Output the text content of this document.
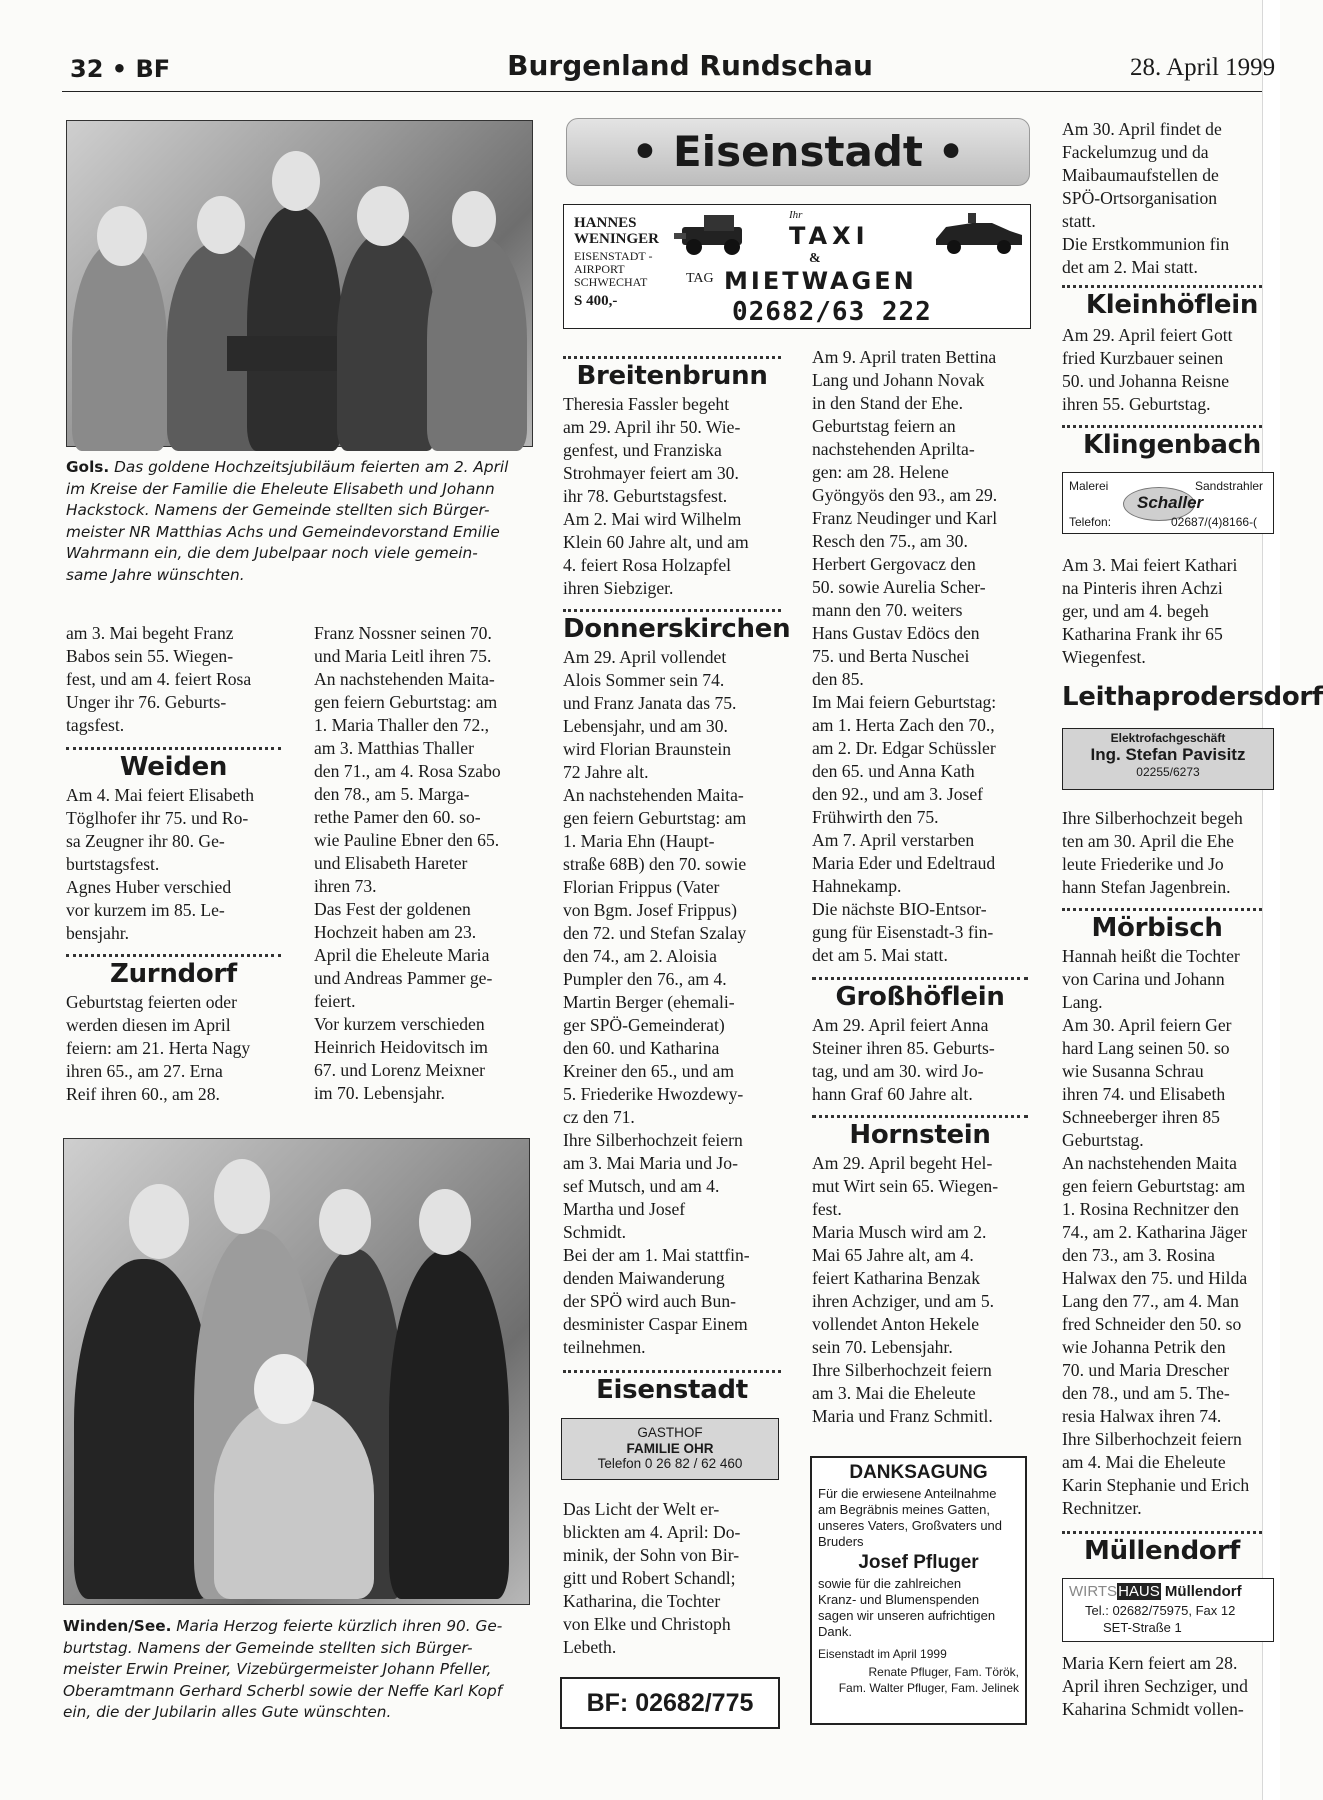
32 • BF	Burgenland Rundschau	28. April 1999
Gols. Das goldene Hochzeitsjubiläum feierten am 2. April
im Kreise der Familie die Eheleute Elisabeth und Johann
Hackstock. Namens der Gemeinde stellten sich Bürger-
meister NR Matthias Achs und Gemeindevorstand Emilie
Wahrmann ein, die dem Jubelpaar noch viele gemein-
same Jahre wünschten.
am 3. Mai begeht Franz
Babos sein 55. Wiegen-
fest, und am 4. feiert Rosa
Unger ihr 76. Geburts-
tagsfest.
Weiden
Am 4. Mai feiert Elisabeth
Töglhofer ihr 75. und Ro-
sa Zeugner ihr 80. Ge-
burtstagsfest.
Agnes Huber verschied
vor kurzem im 85. Le-
bensjahr.
Zurndorf
Geburtstag feierten oder
werden diesen im April
feiern: am 21. Herta Nagy
ihren 65., am 27. Erna
Reif ihren 60., am 28.
Franz Nossner seinen 70.
und Maria Leitl ihren 75.
An nachstehenden Maita-
gen feiern Geburtstag: am
1. Maria Thaller den 72.,
am 3. Matthias Thaller
den 71., am 4. Rosa Szabo
den 78., am 5. Marga-
rethe Pamer den 60. so-
wie Pauline Ebner den 65.
und Elisabeth Hareter
ihren 73.
Das Fest der goldenen
Hochzeit haben am 23.
April die Eheleute Maria
und Andreas Pammer ge-
feiert.
Vor kurzem verschieden
Heinrich Heidovitsch im
67. und Lorenz Meixner
im 70. Lebensjahr.
Winden/See. Maria Herzog feierte kürzlich ihren 90. Ge-
burtstag. Namens der Gemeinde stellten sich Bürger-
meister Erwin Preiner, Vizebürgermeister Johann Pfeller,
Oberamtmann Gerhard Scherbl sowie der Neffe Karl Kopf
ein, die der Jubilarin alles Gute wünschten.
• Eisenstadt •
HANNES
WENINGER
EISENSTADT -
AIRPORT
SCHWECHAT
S 400,-
Ihr
TAXI
&
TAG MIETWAGEN
02682/63 222
Breitenbrunn
Theresia Fassler begeht
am 29. April ihr 50. Wie-
genfest, und Franziska
Strohmayer feiert am 30.
ihr 78. Geburtstagsfest.
Am 2. Mai wird Wilhelm
Klein 60 Jahre alt, und am
4. feiert Rosa Holzapfel
ihren Siebziger.
Donnerskirchen
Am 29. April vollendet
Alois Sommer sein 74.
und Franz Janata das 75.
Lebensjahr, und am 30.
wird Florian Braunstein
72 Jahre alt.
An nachstehenden Maita-
gen feiern Geburtstag: am
1. Maria Ehn (Haupt-
straße 68B) den 70. sowie
Florian Frippus (Vater
von Bgm. Josef Frippus)
den 72. und Stefan Szalay
den 74., am 2. Aloisia
Pumpler den 76., am 4.
Martin Berger (ehemali-
ger SPÖ-Gemeinderat)
den 60. und Katharina
Kreiner den 65., und am
5. Friederike Hwozdewy-
cz den 71.
Ihre Silberhochzeit feiern
am 3. Mai Maria und Jo-
sef Mutsch, und am 4.
Martha und Josef
Schmidt.
Bei der am 1. Mai stattfin-
denden Maiwanderung
der SPÖ wird auch Bun-
desminister Caspar Einem
teilnehmen.
Eisenstadt
GASTHOF
FAMILIE OHR
Telefon 0 26 82 / 62 460
Das Licht der Welt er-
blickten am 4. April: Do-
minik, der Sohn von Bir-
gitt und Robert Schandl;
Katharina, die Tochter
von Elke und Christoph
Lebeth.
BF: 02682/775
Am 9. April traten Bettina
Lang und Johann Novak
in den Stand der Ehe.
Geburtstag feiern an
nachstehenden Aprilta-
gen: am 28. Helene
Gyöngyös den 93., am 29.
Franz Neudinger und Karl
Resch den 75., am 30.
Herbert Gergovacz den
50. sowie Aurelia Scher-
mann den 70. weiters
Hans Gustav Edöcs den
75. und Berta Nuschei
den 85.
Im Mai feiern Geburtstag:
am 1. Herta Zach den 70.,
am 2. Dr. Edgar Schüssler
den 65. und Anna Kath
den 92., und am 3. Josef
Frühwirth den 75.
Am 7. April verstarben
Maria Eder und Edeltraud
Hahnekamp.
Die nächste BIO-Entsor-
gung für Eisenstadt-3 fin-
det am 5. Mai statt.
Großhöflein
Am 29. April feiert Anna
Steiner ihren 85. Geburts-
tag, und am 30. wird Jo-
hann Graf 60 Jahre alt.
Hornstein
Am 29. April begeht Hel-
mut Wirt sein 65. Wiegen-
fest.
Maria Musch wird am 2.
Mai 65 Jahre alt, am 4.
feiert Katharina Benzak
ihren Achziger, und am 5.
vollendet Anton Hekele
sein 70. Lebensjahr.
Ihre Silberhochzeit feiern
am 3. Mai die Eheleute
Maria und Franz Schmitl.
DANKSAGUNG
Für die erwiesene Anteilnahme
am Begräbnis meines Gatten,
unseres Vaters, Großvaters und
Bruders
Josef Pfluger
sowie für die zahlreichen
Kranz- und Blumenspenden
sagen wir unseren aufrichtigen
Dank.
Eisenstadt im April 1999
Renate Pfluger, Fam. Török,
Fam. Walter Pfluger, Fam. Jelinek
Am 30. April findet de
Fackelumzug und da
Maibaumaufstellen de
SPÖ-Ortsorganisation
statt.
Die Erstkommunion fin
det am 2. Mai statt.
Kleinhöflein
Am 29. April feiert Gott
fried Kurzbauer seinen
50. und Johanna Reisne
ihren 55. Geburtstag.
Klingenbach
Malerei	Sandstrahler
Schaller
Telefon:	02687/(4)8166-(
Am 3. Mai feiert Kathari
na Pinteris ihren Achzi
ger, und am 4. begeh
Katharina Frank ihr 65
Wiegenfest.
Leithaprodersdorf
Elektrofachgeschäft
Ing. Stefan Pavisitz
02255/6273
Ihre Silberhochzeit begeh
ten am 30. April die Ehe
leute Friederike und Jo
hann Stefan Jagenbrein.
Mörbisch
Hannah heißt die Tochter
von Carina und Johann
Lang.
Am 30. April feiern Ger
hard Lang seinen 50. so
wie Susanna Schrau
ihren 74. und Elisabeth
Schneeberger ihren 85
Geburtstag.
An nachstehenden Maita
gen feiern Geburtstag: am
1. Rosina Rechnitzer den
74., am 2. Katharina Jäger
den 73., am 3. Rosina
Halwax den 75. und Hilda
Lang den 77., am 4. Man
fred Schneider den 50. so
wie Johanna Petrik den
70. und Maria Drescher
den 78., und am 5. The-
resia Halwax ihren 74.
Ihre Silberhochzeit feiern
am 4. Mai die Eheleute
Karin Stephanie und Erich
Rechnitzer.
Müllendorf
WIRTSHAUS Müllendorf
Tel.: 02682/75975, Fax 12
SET-Straße 1
Maria Kern feiert am 28.
April ihren Sechziger, und
Kaharina Schmidt vollen-
